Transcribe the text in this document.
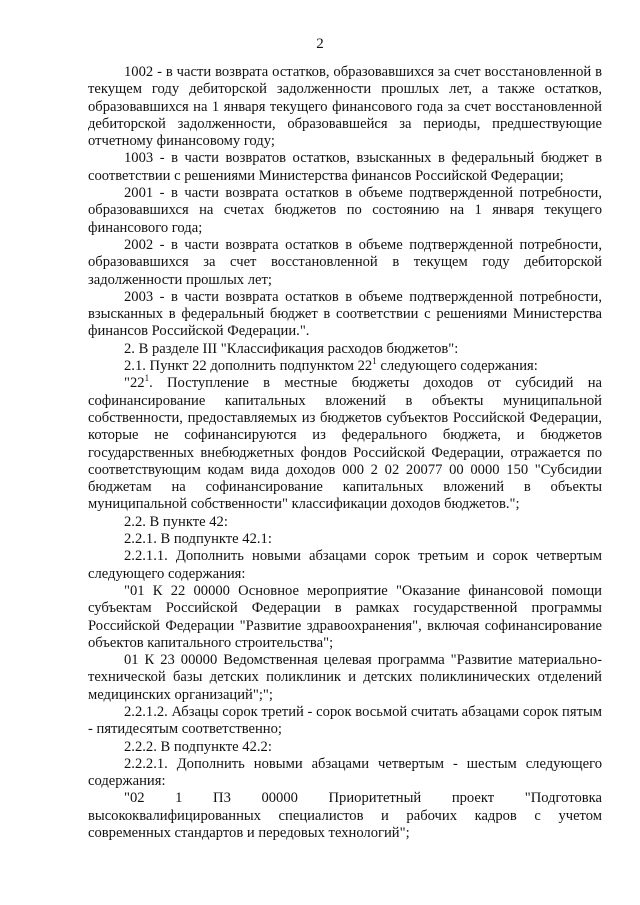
2

1002 - в части возврата остатков, образовавшихся за счет восстановленной в текущем году дебиторской задолженности прошлых лет, а также остатков, образовавшихся на 1 января текущего финансового года за счет восстановленной дебиторской задолженности, образовавшейся за периоды, предшествующие отчетному финансовому году;

1003 - в части возвратов остатков, взысканных в федеральный бюджет в соответствии с решениями Министерства финансов Российской Федерации;

2001 - в части возврата остатков в объеме подтвержденной потребности, образовавшихся на счетах бюджетов по состоянию на 1 января текущего финансового года;

2002 - в части возврата остатков в объеме подтвержденной потребности, образовавшихся за счет восстановленной в текущем году дебиторской задолженности прошлых лет;

2003 - в части возврата остатков в объеме подтвержденной потребности, взысканных в федеральный бюджет в соответствии с решениями Министерства финансов Российской Федерации.".

2. В разделе III "Классификация расходов бюджетов":

2.1. Пункт 22 дополнить подпунктом $22^1$ следующего содержания:

"$22^1$. Поступление в местные бюджеты доходов от субсидий на софинансирование капитальных вложений в объекты муниципальной собственности, предоставляемых из бюджетов субъектов Российской Федерации, которые не софинансируются из федерального бюджета, и бюджетов государственных внебюджетных фондов Российской Федерации, отражается по соответствующим кодам вида доходов 000 2 02 20077 00 0000 150 "Субсидии бюджетам на софинансирование капитальных вложений в объекты муниципальной собственности" классификации доходов бюджетов.";

2.2. В пункте 42:

2.2.1. В подпункте 42.1:

2.2.1.1. Дополнить новыми абзацами сорок третьим и сорок четвертым следующего содержания:

"01 К 22 00000 Основное мероприятие "Оказание финансовой помощи субъектам Российской Федерации в рамках государственной программы Российской Федерации "Развитие здравоохранения", включая софинансирование объектов капитального строительства";

01 К 23 00000 Ведомственная целевая программа "Развитие материально-технической базы детских поликлиник и детских поликлинических отделений медицинских организаций";";

2.2.1.2. Абзацы сорок третий - сорок восьмой считать абзацами сорок пятым - пятидесятым соответственно;

2.2.2. В подпункте 42.2:

2.2.2.1. Дополнить новыми абзацами четвертым - шестым следующего содержания:

"02 1 П3 00000 Приоритетный проект "Подготовка высококвалифицированных специалистов и рабочих кадров с учетом современных стандартов и передовых технологий";
